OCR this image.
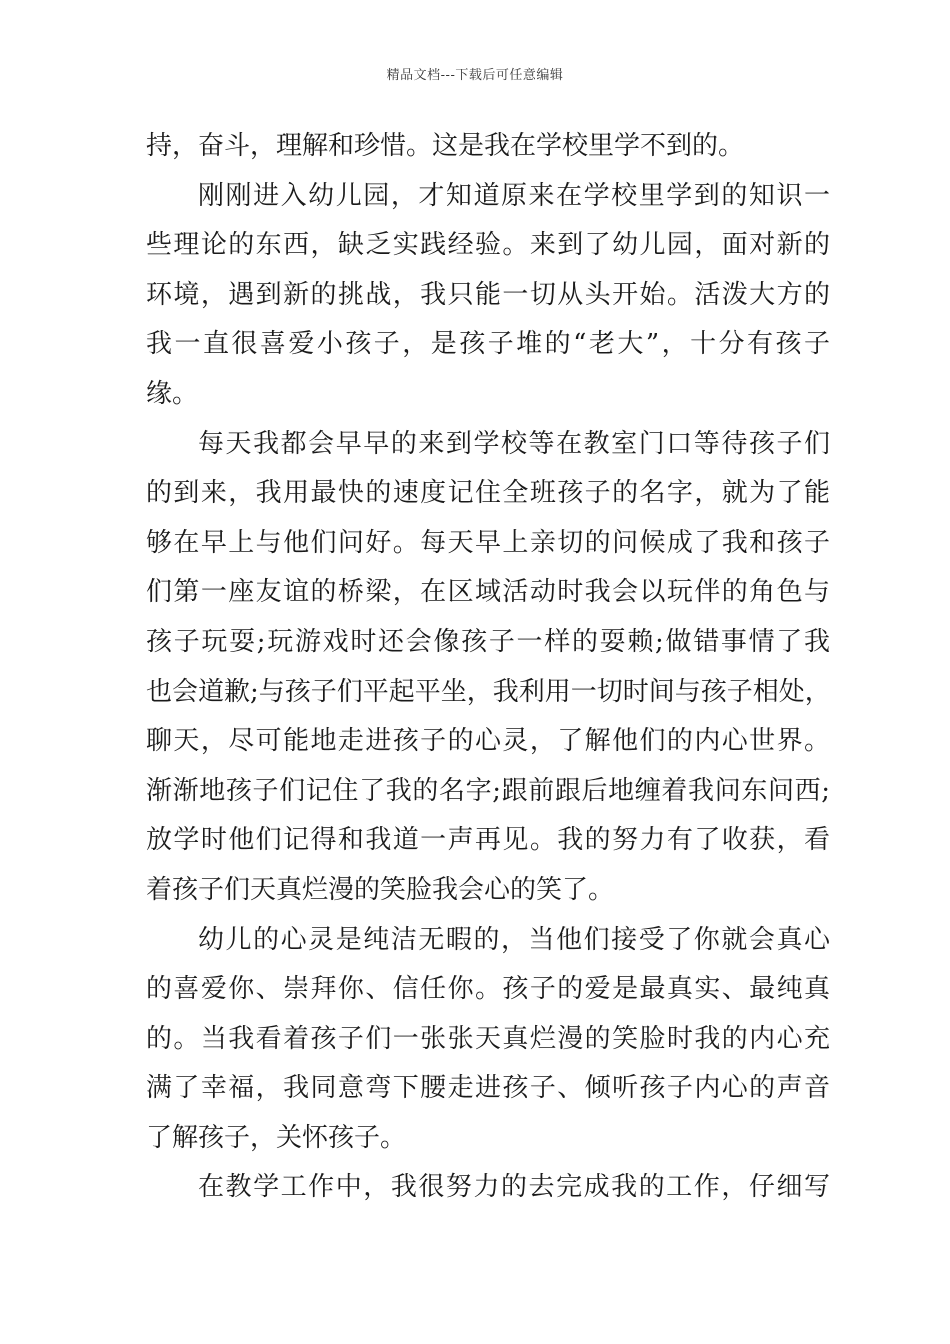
精品文档---下载后可任意编辑
持，奋斗，理解和珍惜。这是我在学校里学不到的。
刚刚进入幼儿园，才知道原来在学校里学到的知识一
些理论的东西，缺乏实践经验。来到了幼儿园，面对新的
环境，遇到新的挑战，我只能一切从头开始。活泼大方的
我一直很喜爱小孩子，是孩子堆的“老大”，十分有孩子
缘。
每天我都会早早的来到学校等在教室门口等待孩子们
的到来，我用最快的速度记住全班孩子的名字，就为了能
够在早上与他们问好。每天早上亲切的问候成了我和孩子
们第一座友谊的桥梁，在区域活动时我会以玩伴的角色与
孩子玩耍;玩游戏时还会像孩子一样的耍赖;做错事情了我
也会道歉;与孩子们平起平坐，我利用一切时间与孩子相处，
聊天，尽可能地走进孩子的心灵，了解他们的内心世界。
渐渐地孩子们记住了我的名字;跟前跟后地缠着我问东问西;
放学时他们记得和我道一声再见。我的努力有了收获，看
着孩子们天真烂漫的笑脸我会心的笑了。
幼儿的心灵是纯洁无暇的，当他们接受了你就会真心
的喜爱你、崇拜你、信任你。孩子的爱是最真实、最纯真
的。当我看着孩子们一张张天真烂漫的笑脸时我的内心充
满了幸福，我同意弯下腰走进孩子、倾听孩子内心的声音
了解孩子，关怀孩子。
在教学工作中，我很努力的去完成我的工作，仔细写
